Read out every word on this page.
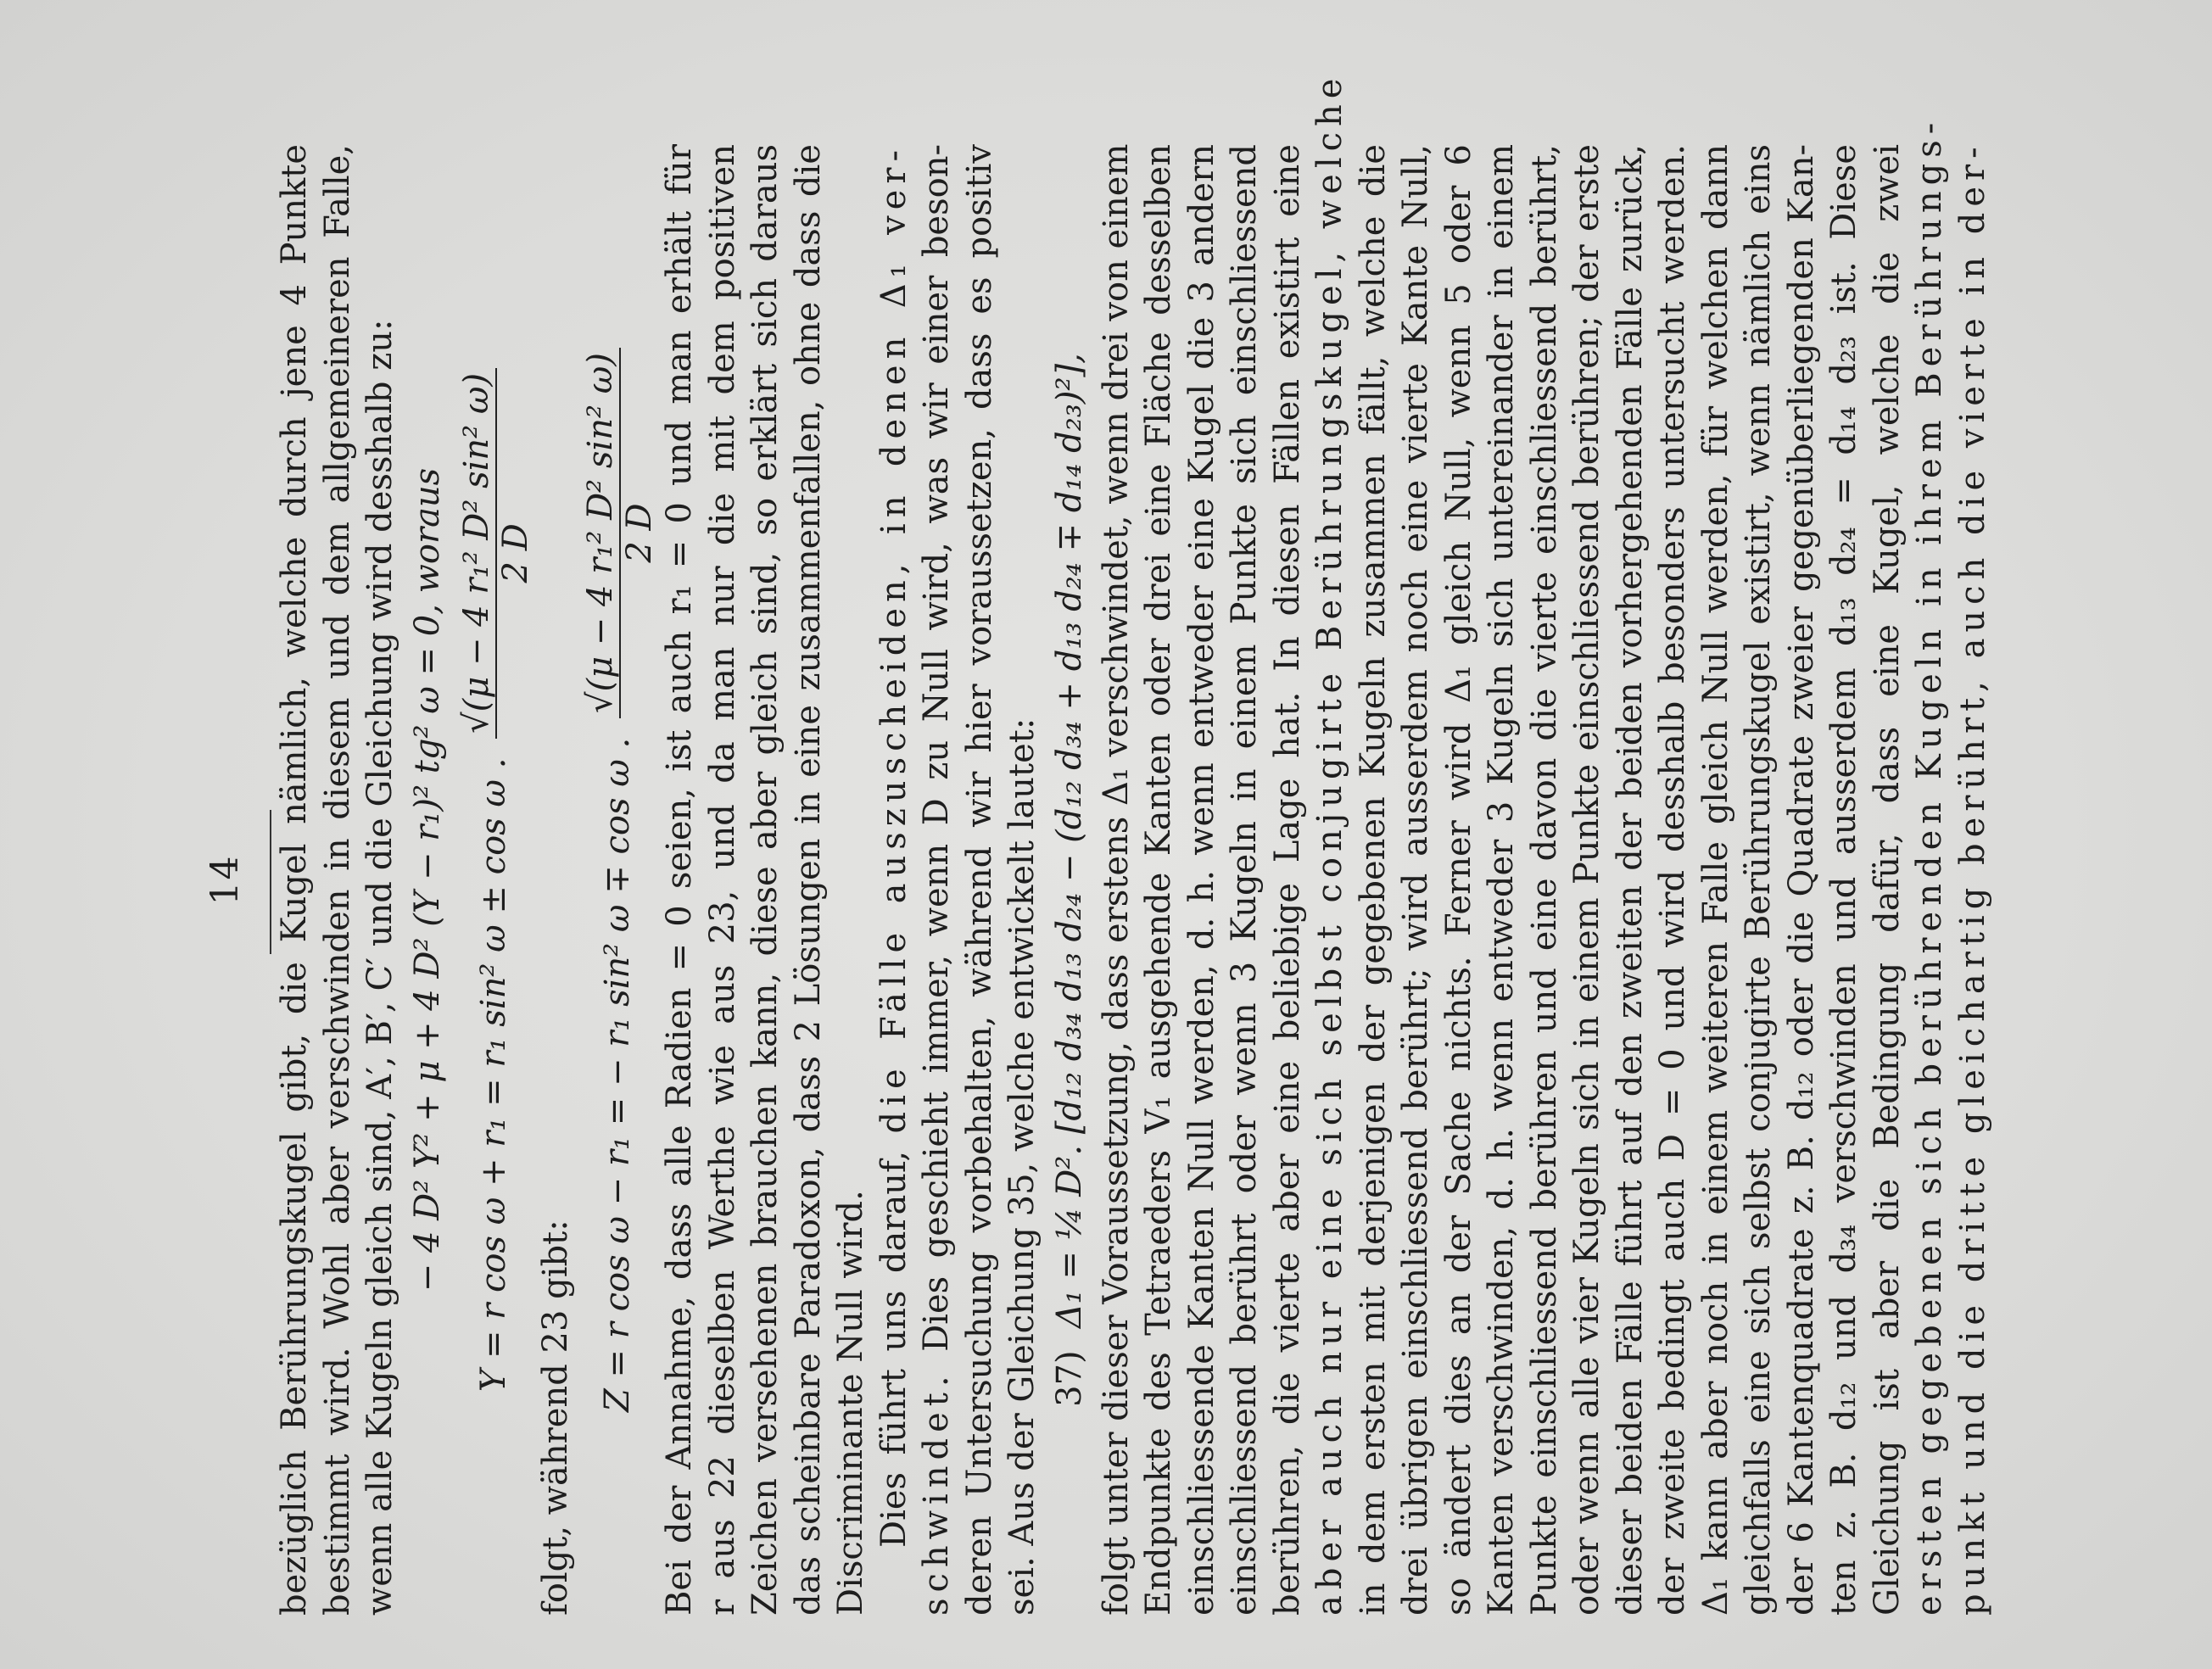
14 bezüglich Berührungskugel gibt, die Kugel nämlich, welche durch jene 4 Punkte bestimmt wird. Wohl aber verschwinden in diesem und dem allgemeineren Falle, wenn alle Kugeln gleich sind, A′, B′, C′ und die Gleichung wird desshalb zu: − 4 D² Y² + μ + 4 D² (Y − r₁)² tg² ω = 0, woraus Y = r cos ω + r₁ = r₁ sin² ω ± cos ω .
√(μ − 4 r₁² D² sin² ω) 2 D
folgt, während 23 gibt:
Z = r cos ω − r₁ = − r₁ sin² ω ∓ cos ω .
√(μ − 4 r₁² D² sin² ω) 2 D Bei der Annahme, dass alle Radien = 0 seien, ist auch r₁ = 0 und man erhält für r aus 22 dieselben Werthe wie aus 23, und da man nur die mit dem positiven Zeichen versehenen brauchen kann, diese aber gleich sind, so erklärt sich daraus das scheinbare Paradoxon, dass 2 Lösungen in eine zusammenfallen, ohne dass die Discriminante Null wird. Dies führt uns darauf, die Fälle auszuscheiden, in denen Δ₁ ver-
schwindet. Dies geschieht immer, wenn D zu Null wird, was wir einer beson- deren Untersuchung vorbehalten, während wir hier voraussetzen, dass es positiv sei. Aus der Gleichung 35, welche entwickelt lautet: 37) Δ₁ = ¼ D². [d₁₂ d₃₄ d₁₃ d₂₄ − (d₁₂ d₃₄ + d₁₃ d₂₄ ∓ d₁₄ d₂₃)²], folgt unter dieser Voraussetzung, dass erstens Δ₁ verschwindet, wenn drei von einem Endpunkte des Tetraeders V₁ ausgehende Kanten oder drei eine Fläche desselben einschliessende Kanten Null werden, d. h. wenn entweder eine Kugel die 3 andern einschliessend berührt oder wenn 3 Kugeln in einem Punkte sich einschliessend berühren, die vierte aber eine beliebige Lage hat. In diesen Fällen existirt eine aber auch nur eine sich selbst conjugirte Berührungskugel, welche in dem ersten mit derjenigen der gegebenen Kugeln zusammen fällt, welche die drei übrigen einschliessend berührt; wird ausserdem noch eine vierte Kante Null, so ändert dies an der Sache nichts. Ferner wird Δ₁ gleich Null, wenn 5 oder 6 Kanten verschwinden, d. h. wenn entweder 3 Kugeln sich untereinander in einem Punkte einschliessend berühren und eine davon die vierte einschliessend berührt, oder wenn alle vier Kugeln sich in einem Punkte einschliessend berühren; der erste dieser beiden Fälle führt auf den zweiten der beiden vorhergehenden Fälle zurück, der zweite bedingt auch D = 0 und wird desshalb besonders untersucht werden. Δ₁ kann aber noch in einem weiteren Falle gleich Null werden, für welchen dann gleichfalls eine sich selbst conjugirte Berührungskugel existirt, wenn nämlich eins der 6 Kantenquadrate z. B. d₁₂ oder die Quadrate zweier gegenüberliegenden Kan- ten z. B. d₁₂ und d₃₄ verschwinden und ausserdem d₁₃ d₂₄ = d₁₄ d₂₃ ist. Diese Gleichung ist aber die Bedingung dafür, dass eine Kugel, welche die zwei ersten gegebenen sich berührenden Kugeln in ihrem Berührungs- punkt und die dritte gleichartig berührt, auch die vierte in der-
